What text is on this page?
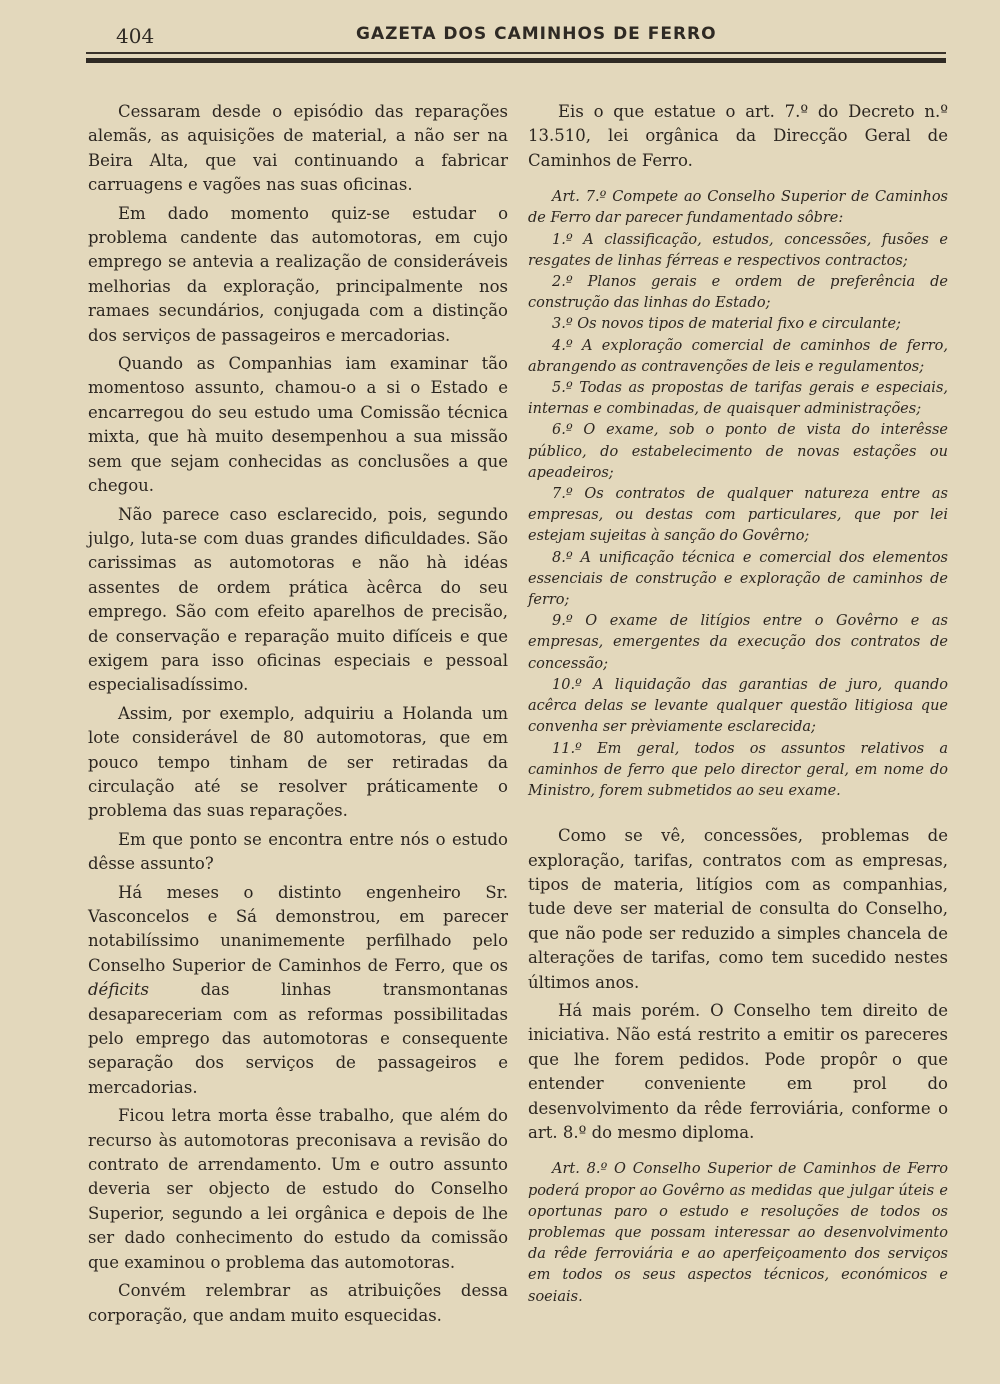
404	GAZETA DOS CAMINHOS DE FERRO

Cessaram desde o episódio das reparações alemãs, as aquisições de material, a não ser na Beira Alta, que vai continuando a fabricar carruagens e vagões nas suas oficinas.

Em dado momento quiz-se estudar o problema candente das automotoras, em cujo emprego se antevia a realização de consideráveis melhorias da exploração, principalmente nos ramaes secundários, conjugada com a distinção dos serviços de passageiros e mercadorias.

Quando as Companhias iam examinar tão momentoso assunto, chamou-o a si o Estado e encarregou do seu estudo uma Comissão técnica mixta, que hà muito desempenhou a sua missão sem que sejam conhecidas as conclusões a que chegou.

Não parece caso esclarecido, pois, segundo julgo, luta-se com duas grandes dificuldades. São carissimas as automotoras e não hà idéas assentes de ordem prática àcêrca do seu emprego. São com efeito aparelhos de precisão, de conservação e reparação muito difíceis e que exigem para isso oficinas especiais e pessoal especialisadíssimo.

Assim, por exemplo, adquiriu a Holanda um lote considerável de 80 automotoras, que em pouco tempo tinham de ser retiradas da circulação até se resolver práticamente o problema das suas reparações.

Em que ponto se encontra entre nós o estudo dêsse assunto?

Há meses o distinto engenheiro Sr. Vasconcelos e Sá demonstrou, em parecer notabilíssimo unanimemente perfilhado pelo Conselho Superior de Caminhos de Ferro, que os déficits das linhas transmontanas desapareceriam com as reformas possibilitadas pelo emprego das automotoras e consequente separação dos serviços de passageiros e mercadorias.

Ficou letra morta êsse trabalho, que além do recurso às automotoras preconisava a revisão do contrato de arrendamento. Um e outro assunto deveria ser objecto de estudo do Conselho Superior, segundo a lei orgânica e depois de lhe ser dado conhecimento do estudo da comissão que examinou o problema das automotoras.

Convém relembrar as atribuições dessa corporação, que andam muito esquecidas.

Eis o que estatue o art. 7.º do Decreto n.º 13.510, lei orgânica da Direcção Geral de Caminhos de Ferro.

Art. 7.º Compete ao Conselho Superior de Caminhos de Ferro dar parecer fundamentado sôbre:

1.º A classificação, estudos, concessões, fusões e resgates de linhas férreas e respectivos contractos;

2.º Planos gerais e ordem de preferência de construção das linhas do Estado;

3.º Os novos tipos de material fixo e circulante;

4.º A exploração comercial de caminhos de ferro, abrangendo as contravenções de leis e regulamentos;

5.º Todas as propostas de tarifas gerais e especiais, internas e combinadas, de quaisquer administrações;

6.º O exame, sob o ponto de vista do interêsse público, do estabelecimento de novas estações ou apeadeiros;

7.º Os contratos de qualquer natureza entre as empresas, ou destas com particulares, que por lei estejam sujeitas à sanção do Govêrno;

8.º A unificação técnica e comercial dos elementos essenciais de construção e exploração de caminhos de ferro;

9.º O exame de litígios entre o Govêrno e as empresas, emergentes da execução dos contratos de concessão;

10.º A liquidação das garantias de juro, quando acêrca delas se levante qualquer questão litigiosa que convenha ser prèviamente esclarecida;

11.º Em geral, todos os assuntos relativos a caminhos de ferro que pelo director geral, em nome do Ministro, forem submetidos ao seu exame.

Como se vê, concessões, problemas de exploração, tarifas, contratos com as empresas, tipos de materia, litígios com as companhias, tude deve ser material de consulta do Conselho, que não pode ser reduzido a simples chancela de alterações de tarifas, como tem sucedido nestes últimos anos.

Há mais porém. O Conselho tem direito de iniciativa. Não está restrito a emitir os pareceres que lhe forem pedidos. Pode propôr o que entender conveniente em prol do desenvolvimento da rêde ferroviária, conforme o art. 8.º do mesmo diploma.

Art. 8.º O Conselho Superior de Caminhos de Ferro poderá propor ao Govêrno as medidas que julgar úteis e oportunas paro o estudo e resoluções de todos os problemas que possam interessar ao desenvolvimento da rêde ferroviária e ao aperfeiçoamento dos serviços em todos os seus aspectos técnicos, económicos e soeiais.
